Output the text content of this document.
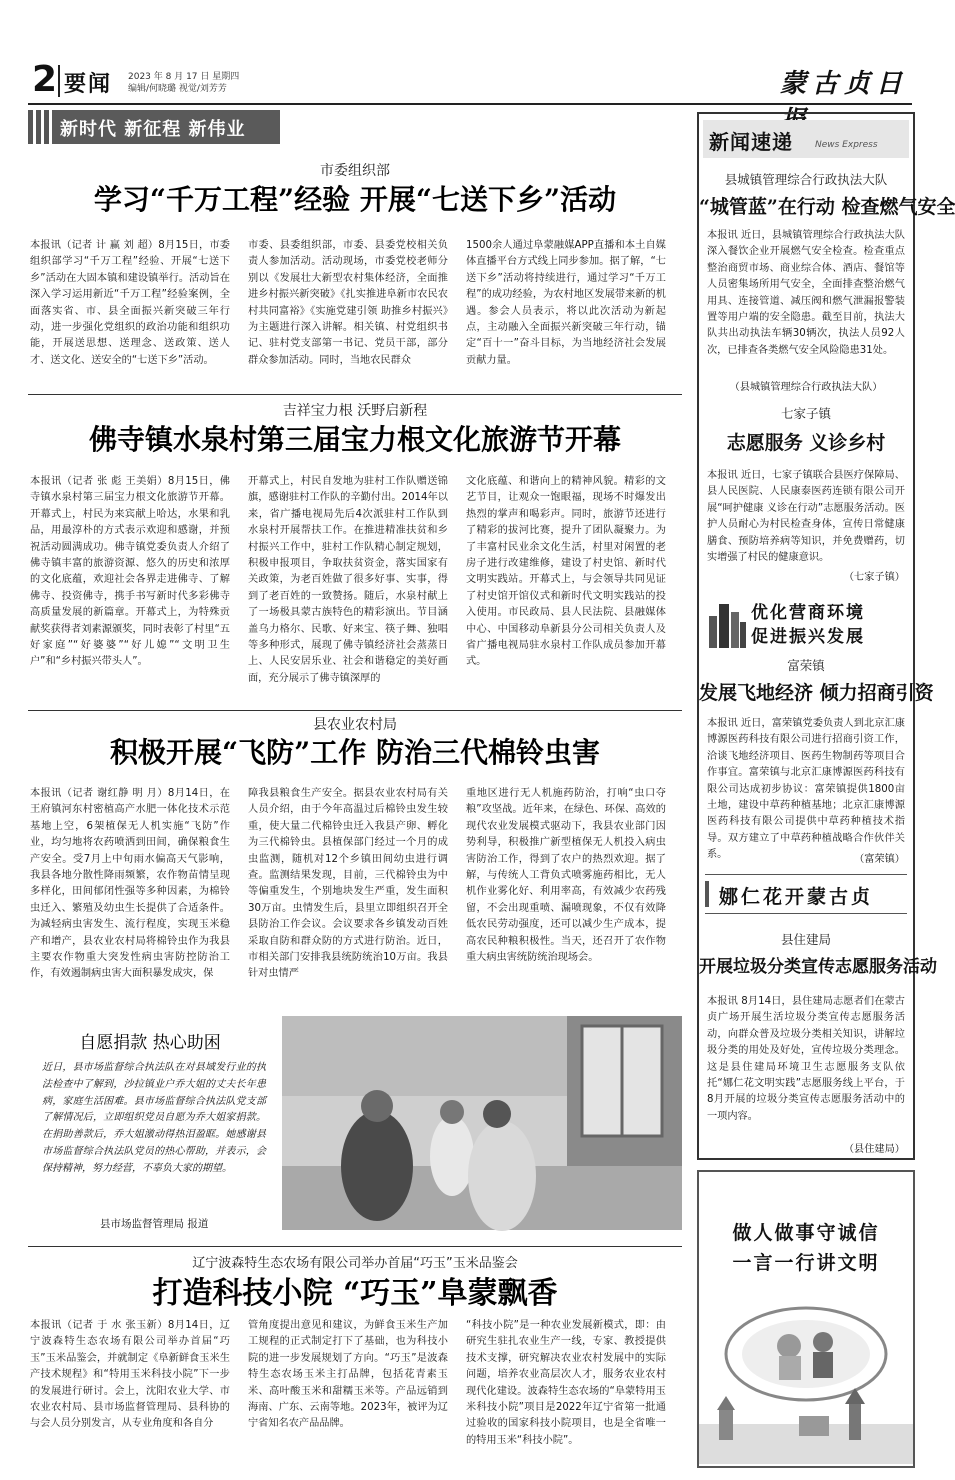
2 要闻 2023 年 8 月 17 日 星期四
编辑/何晓璐 视觉/刘芳芳	蒙古贞日
新时代 新征程 新伟业
市委组织部
学习“千万工程”经验 开展“七送下乡”活动
本报讯（记者 计 赢 刘 超）8月15日，市委组织部学习“千万工程”经验、开展“七送下乡”活动在大固本镇和建设镇举行。活动旨在深入学习运用新近“千万工程”经验案例，全面落实省、市、县全面振兴新突破三年行动，进一步强化党组织的政治功能和组织功能，开展送思想、送理念、送政策、送人才、送文化、送安全的“七送下乡”活动。
市委、县委组织部，市委、县委党校相关负责人参加活动。活动现场，市委党校老师分别以《发展壮大新型农村集体经济，全面推进乡村振兴新突破》《扎实推进阜新市农民农村共同富裕》《实施党建引领 助推乡村振兴》为主题进行深入讲解。相关镇、村党组织书记、驻村党支部第一书记、党员干部，部分群众参加活动。同时，当地农民群众
1500余人通过阜蒙融媒APP直播和本土自媒体直播平台方式线上同步参加。据了解，“七送下乡”活动将持续进行，通过学习“千万工程”的成功经验，为农村地区发展带来新的机遇。参会人员表示，将以此次活动为新起点，主动融入全面振兴新突破三年行动，锚定“百十一”奋斗目标，为当地经济社会发展贡献力量。
吉祥宝力根 沃野启新程
佛寺镇水泉村第三届宝力根文化旅游节开幕
本报讯（记者 张 彪 王美娟）8月15日，佛寺镇水泉村第三届宝力根文化旅游节开幕。开幕式上，村民为来宾献上哈达，水果和乳品，用最淳朴的方式表示欢迎和感谢，并预祝活动圆满成功。佛寺镇党委负责人介绍了佛寺镇丰富的旅游资源、悠久的历史和浓厚的文化底蕴，欢迎社会各界走进佛寺、了解佛寺、投资佛寺，携手书写新时代多彩佛寺高质量发展的新篇章。开幕式上，为特殊贡献奖获得者刘素源颁奖，同时表彰了村里“五好家庭”“好婆婆”“好儿媳”“文明卫生户”和“乡村振兴带头人”。
开幕式上，村民自发地为驻村工作队赠送锦旗，感谢驻村工作队的辛勤付出。2014年以来，省广播电视局先后4次派驻村工作队到水泉村开展帮扶工作。在推进精准扶贫和乡村振兴工作中，驻村工作队精心制定规划，积极申报项目，争取扶贫资金，落实国家有关政策，为老百姓做了很多好事、实事，得到了老百姓的一致赞扬。随后，水泉村献上了一场极具蒙古族特色的精彩演出。节目涵盖乌力格尔、民歌、好来宝、筷子舞、独唱等多种形式，展现了佛寺镇经济社会蒸蒸日上、人民安居乐业、社会和谐稳定的美好画面，充分展示了佛寺镇深厚的
文化底蕴、和谐向上的精神风貌。精彩的文艺节目，让观众一饱眼福，现场不时爆发出热烈的掌声和喝彩声。同时，旅游节还进行了精彩的拔河比赛，提升了团队凝聚力。为了丰富村民业余文化生活，村里对闲置的老房子进行改建维修，建设了村史馆、新时代文明实践站。开幕式上，与会领导共同见证了村史馆开馆仪式和新时代文明实践站的投入使用。市民政局、县人民法院、县融媒体中心、中国移动阜新县分公司相关负责人及省广播电视局驻水泉村工作队成员参加开幕式。
县农业农村局
积极开展“飞防”工作 防治三代棉铃虫害
本报讯（记者 谢红静 明 月）8月14日，在王府镇河东村密植高产水肥一体化技术示范基地上空，6架植保无人机实施“飞防”作业，均匀地将农药喷洒到田间，确保粮食生产安全。受7月上中旬雨水偏高天气影响，我县各地分散性降雨频繁，农作物苗情呈现多样化，田间郁闭性强等多种因素，为棉铃虫迁入、繁殖及幼虫生长提供了合适条件。为减轻病虫害发生、流行程度，实现玉米稳产和增产，县农业农村局将棉铃虫作为我县主要农作物重大突发性病虫害防控防治工作，有效遏制病虫害大面积暴发成灾，保
障我县粮食生产安全。据县农业农村局有关人员介绍，由于今年高温过后棉铃虫发生较重，使大量二代棉铃虫迁入我县产卵、孵化为三代棉铃虫。县植保部门经过一个月的成虫监测，随机对12个乡镇田间幼虫进行调查。监测结果发现，目前，三代棉铃虫为中等偏重发生，个别地块发生严重，发生面积30万亩。虫情发生后，县里立即组织召开全县防治工作会议。会议要求各乡镇发动百姓采取自防和群众防的方式进行防治。近日，市相关部门安排我县统防统治10万亩。我县针对虫情严
重地区进行无人机施药防治，打响“虫口夺粮”攻坚战。近年来，在绿色、环保、高效的现代农业发展模式驱动下，我县农业部门因势利导，积极推广新型植保无人机投入病虫害防治工作，得到了农户的热烈欢迎。据了解，与传统人工背负式喷雾施药相比，无人机作业雾化好、利用率高，有效减少农药残留，不会出现重喷、漏喷现象，不仅有效降低农民劳动强度，还可以减少生产成本，提高农民种粮积极性。当天，还召开了农作物重大病虫害统防统治现场会。
自愿捐款 热心助困
近日，县市场监督综合执法队在对县域发行业的执法检查中了解到，沙拉镇业户乔大姐的丈夫长年患病，家庭生活困难。县市场监督综合执法队党支部了解情况后，立即组织党员自愿为乔大姐家捐款。在捐助善款后，乔大姐激动得热泪盈眶。她感谢县市场监督综合执法队党员的热心帮助，并表示，会保持精神，努力经营，不辜负大家的期望。
县市场监督管理局 报道
辽宁波森特生态农场有限公司举办首届“巧玉”玉米品鉴会
打造科技小院 “巧玉”阜蒙飘香
本报讯（记者 于 水 张玉新）8月14日，辽宁波森特生态农场有限公司举办首届“巧玉”玉米品鉴会，并就制定《阜新鲜食玉米生产技术规程》和“特用玉米科技小院”下一步的发展进行研讨。会上，沈阳农业大学、市农业农村局、县市场监督管理局、县科协的与会人员分别发言，从专业角度和各自分
管角度提出意见和建议，为鲜食玉米生产加工规程的正式制定打下了基础，也为科技小院的进一步发展规划了方向。“巧玉”是波森特生态农场玉米主打品牌，包括花青素玉米、高叶酸玉米和甜糯玉米等。产品远销到海南、广东、云南等地。2023年，被评为辽宁省知名农产品品牌。
“科技小院”是一种农业发展新模式，即：由研究生驻扎农业生产一线，专家、教授提供技术支撑，研究解决农业农村发展中的实际问题，培养农业高层次人才，服务农业农村现代化建设。波森特生态农场的“阜蒙特用玉米科技小院”项目是2022年辽宁省第一批通过验收的国家科技小院项目，也是全省唯一的特用玉米“科技小院”。
新闻速递 News Express
县城镇管理综合行政执法大队
“城管蓝”在行动 检查燃气安全
本报讯 近日，县城镇管理综合行政执法大队深入餐饮企业开展燃气安全检查。检查重点整治商贸市场、商业综合体、酒店、餐馆等人员密集场所用气安全，全面排查整治燃气用具、连接管道、减压阀和燃气泄漏报警装置等用户端的安全隐患。截至目前，执法大队共出动执法车辆30辆次，执法人员92人次，已排查各类燃气安全风险隐患31处。
（县城镇管理综合行政执法大队）
七家子镇
志愿服务 义诊乡村
本报讯 近日，七家子镇联合县医疗保障局、县人民医院、人民康泰医药连锁有限公司开展“呵护健康 义诊在行动”志愿服务活动。医护人员耐心为村民检查身体，宣传日常健康膳食、预防培养病等知识，并免费赠药，切实增强了村民的健康意识。
（七家子镇）
优化营商环境
促进振兴发展
富荣镇
发展飞地经济 倾力招商引资
本报讯 近日，富荣镇党委负责人到北京汇康博源医药科技有限公司进行招商引资工作，洽谈飞地经济项目、医药生物制药等项目合作事宜。富荣镇与北京汇康博源医药科技有限公司达成初步协议：富荣镇提供1800亩土地，建设中草药种植基地；北京汇康博源医药科技有限公司提供中草药种植技术指导。双方建立了中草药种植战略合作伙伴关系。	（富荣镇）
娜仁花开蒙古贞
县住建局
开展垃圾分类宣传志愿服务活动
本报讯 8月14日，县住建局志愿者们在蒙古贞广场开展生活垃圾分类宣传志愿服务活动，向群众普及垃圾分类相关知识，讲解垃圾分类的用处及好处，宣传垃圾分类理念。这是县住建局环境卫生志愿服务支队依托“娜仁花文明实践”志愿服务线上平台，于8月开展的垃圾分类宣传志愿服务活动中的一项内容。
（县住建局）
做人做事守诚信
一言一行讲文明
